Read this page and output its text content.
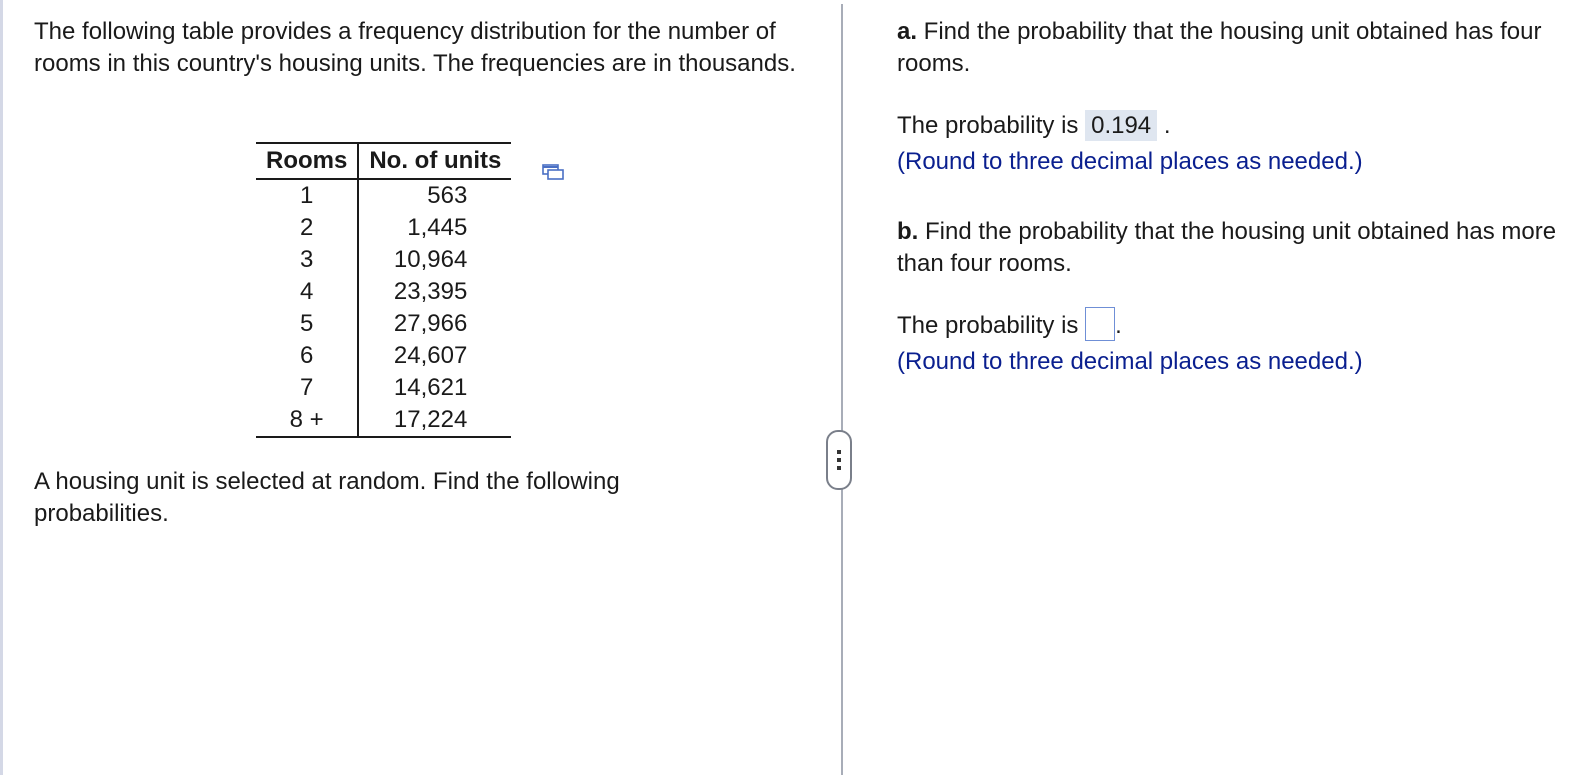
The following table provides a frequency distribution for the number of rooms in this country's housing units. The frequencies are in thousands.

Rooms	No. of units
1	563
2	1,445
3	10,964
4	23,395
5	27,966
6	24,607
7	14,621
8 +	17,224

A housing unit is selected at random. Find the following probabilities.

a. Find the probability that the housing unit obtained has four rooms.

The probability is 0.194 .

(Round to three decimal places as needed.)

b. Find the probability that the housing unit obtained has more than four rooms.

The probability is .

(Round to three decimal places as needed.)
